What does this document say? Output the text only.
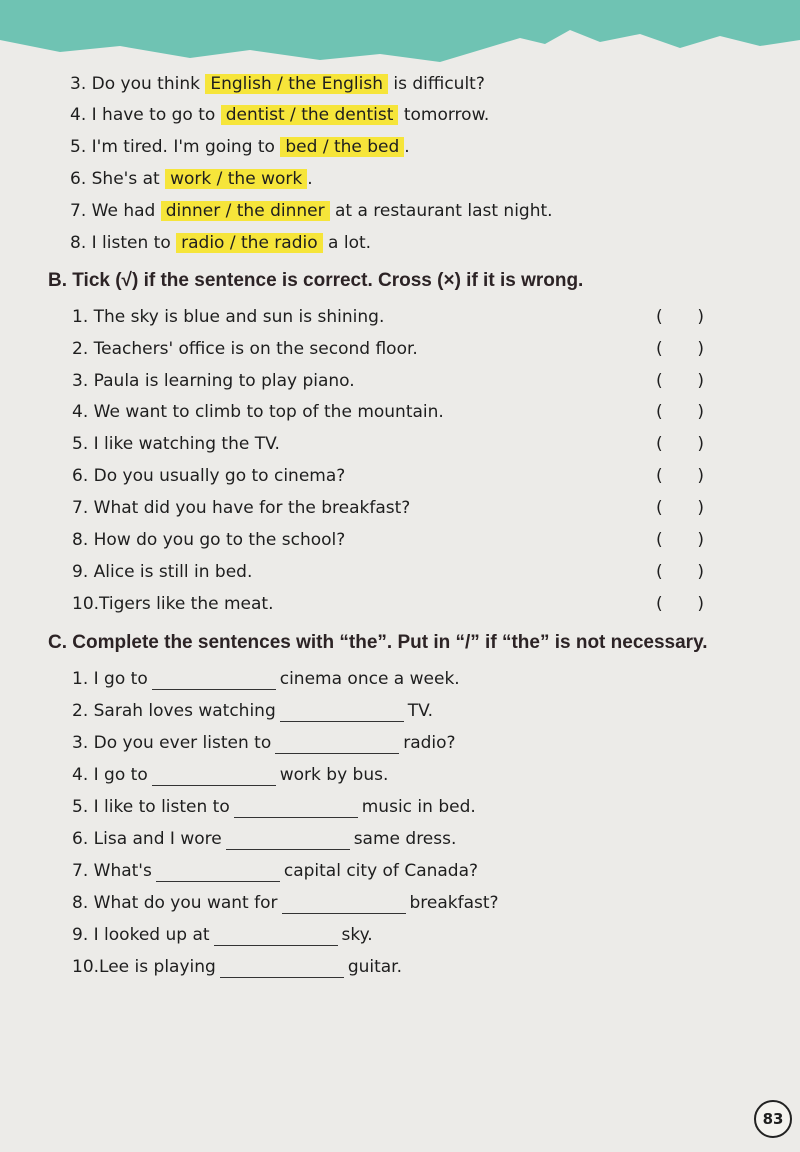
3. Do you think English / the English is difficult?
4. I have to go to dentist / the dentist tomorrow.
5. I'm tired. I'm going to bed / the bed .
6. She's at work / the work .
7. We had dinner / the dinner at a restaurant last night.
8. I listen to radio / the radio a lot.
B. Tick (√) if the sentence is correct. Cross (×) if it is wrong.
1. The sky is blue and sun is shining.	( )
2. Teachers' office is on the second floor.	( )
3. Paula is learning to play piano.	( )
4. We want to climb to top of the mountain.	( )
5. I like watching the TV.	( )
6. Do you usually go to cinema?	( )
7. What did you have for the breakfast?	( )
8. How do you go to the school?	( )
9. Alice is still in bed.	( )
10.Tigers like the meat.	( )
C. Complete the sentences with “the”. Put in “/” if “the” is not necessary.
1. I go to	cinema once a week.
2. Sarah loves watching	TV.
3. Do you ever listen to	radio?
4. I go to	work by bus.
5. I like to listen to	music in bed.
6. Lisa and I wore	same dress.
7. What's	capital city of Canada?
8. What do you want for	breakfast?
9. I looked up at	sky.
10.Lee is playing	guitar.
83
